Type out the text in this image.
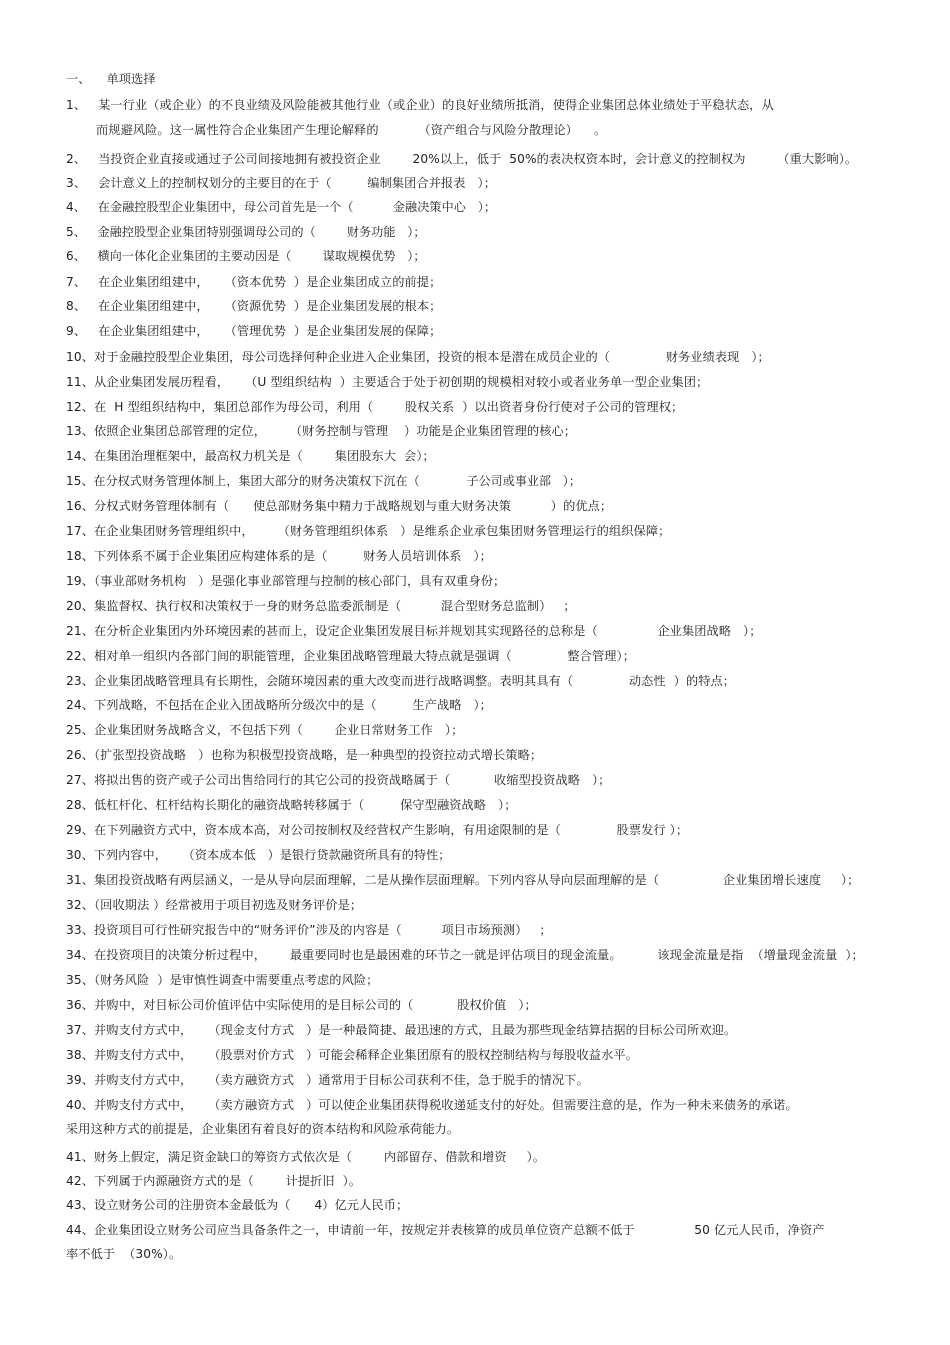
一、    单项选择
1、   某一行业（或企业）的不良业绩及风险能被其他行业（或企业）的良好业绩所抵消，使得企业集团总体业绩处于平稳状态，从
而规避风险。这一属性符合企业集团产生理论解释的          （资产组合与风险分散理论）    。
2、   当投资企业直接或通过子公司间接地拥有被投资企业        20%以上，低于  50%的表决权资本时，会计意义的控制权为        （重大影响）。
3、   会计意义上的控制权划分的主要目的在于（         编制集团合并报表   ）；
4、   在金融控股型企业集团中，母公司首先是一个（          金融决策中心   ）；
5、   金融控股型企业集团特别强调母公司的（        财务功能   ）；
6、   横向一体化企业集团的主要动因是（        谋取规模优势   ）；
7、   在企业集团组建中，    （资本优势  ）是企业集团成立的前提；
8、   在企业集团组建中，    （资源优势  ）是企业集团发展的根本；
9、   在企业集团组建中，    （管理优势  ）是企业集团发展的保障；
10、对于金融控股型企业集团，母公司选择何种企业进入企业集团，投资的根本是潜在成员企业的（              财务业绩表现   ）；
11、从企业集团发展历程看，    （U 型组织结构  ）主要适合于处于初创期的规模相对较小或者业务单一型企业集团；
12、在  H 型组织结构中，集团总部作为母公司，利用（        股权关系  ）以出资者身份行使对子公司的管理权；
13、依照企业集团总部管理的定位，      （财务控制与管理    ）功能是企业集团管理的核心；
14、在集团治理框架中，最高权力机关是（        集团股东大  会）；
15、在分权式财务管理体制上，集团大部分的财务决策权下沉在（            子公司或事业部   ）；
16、分权式财务管理体制有（      使总部财务集中精力于战略规划与重大财务决策          ）的优点；
17、在企业集团财务管理组织中，      （财务管理组织体系   ）是维系企业承包集团财务管理运行的组织保障；
18、下列体系不属于企业集团应构建体系的是（         财务人员培训体系   ）；
19、（事业部财务机构   ）是强化事业部管理与控制的核心部门，具有双重身份；
20、集监督权、执行权和决策权于一身的财务总监委派制是（          混合型财务总监制）   ；
21、在分析企业集团内外环境因素的甚而上，设定企业集团发展目标并规划其实现路径的总称是（               企业集团战略   ）；
22、相对单一组织内各部门间的职能管理，企业集团战略管理最大特点就是强调（              整合管理）；
23、企业集团战略管理具有长期性，会随环境因素的重大改变而进行战略调整。表明其具有（              动态性  ）的特点；
24、下列战略，不包括在企业入团战略所分级次中的是（         生产战略   ）；
25、企业集团财务战略含义，不包括下列（        企业日常财务工作   ）；
26、（扩张型投资战略   ）也称为积极型投资战略，是一种典型的投资拉动式增长策略；
27、将拟出售的资产或子公司出售给同行的其它公司的投资战略属于（           收缩型投资战略   ）；
28、低杠杆化、杠杆结构长期化的融资战略转移属于（         保守型融资战略   ）；
29、在下列融资方式中，资本成本高，对公司按制权及经营权产生影响，有用途限制的是（              股票发行 ）；
30、下列内容中，    （资本成本低   ）是银行贷款融资所具有的特性；
31、集团投资战略有两层涵义，一是从导向层面理解，二是从操作层面理解。下列内容从导向层面理解的是（                企业集团增长速度     ）；
32、（回收期法 ）经常被用于项目初选及财务评价是；
33、投资项目可行性研究报告中的“财务评价”涉及的内容是（          项目市场预测）   ；
34、在投资项目的决策分析过程中，      最重要同时也是最困难的环节之一就是评估项目的现金流量。         该现金流量是指  （增量现金流量  ）；
35、（财务风险  ）是审慎性调查中需要重点考虑的风险；
36、并购中，对目标公司价值评估中实际使用的是目标公司的（           股权价值   ）；
37、并购支付方式中，    （现金支付方式   ）是一种最简捷、最迅速的方式，且最为那些现金结算拮据的目标公司所欢迎。
38、并购支付方式中，    （股票对价方式   ）可能会稀释企业集团原有的股权控制结构与每股收益水平。
39、并购支付方式中，    （卖方融资方式   ）通常用于目标公司获利不佳，急于脱手的情况下。
40、并购支付方式中，    （卖方融资方式   ）可以使企业集团获得税收递延支付的好处。但需要注意的是，作为一种未来债务的承诺。
采用这种方式的前提是，企业集团有着良好的资本结构和风险承荷能力。
41、财务上假定，满足资金缺口的筹资方式依次是（        内部留存、借款和增资     ）。
42、下列属于内源融资方式的是（        计提折旧  ）。
43、设立财务公司的注册资本金最低为（      4）亿元人民币；
44、企业集团设立财务公司应当具备条件之一，申请前一年，按规定并表核算的成员单位资产总额不低于               50 亿元人民币，净资产
率不低于  （30%）。
